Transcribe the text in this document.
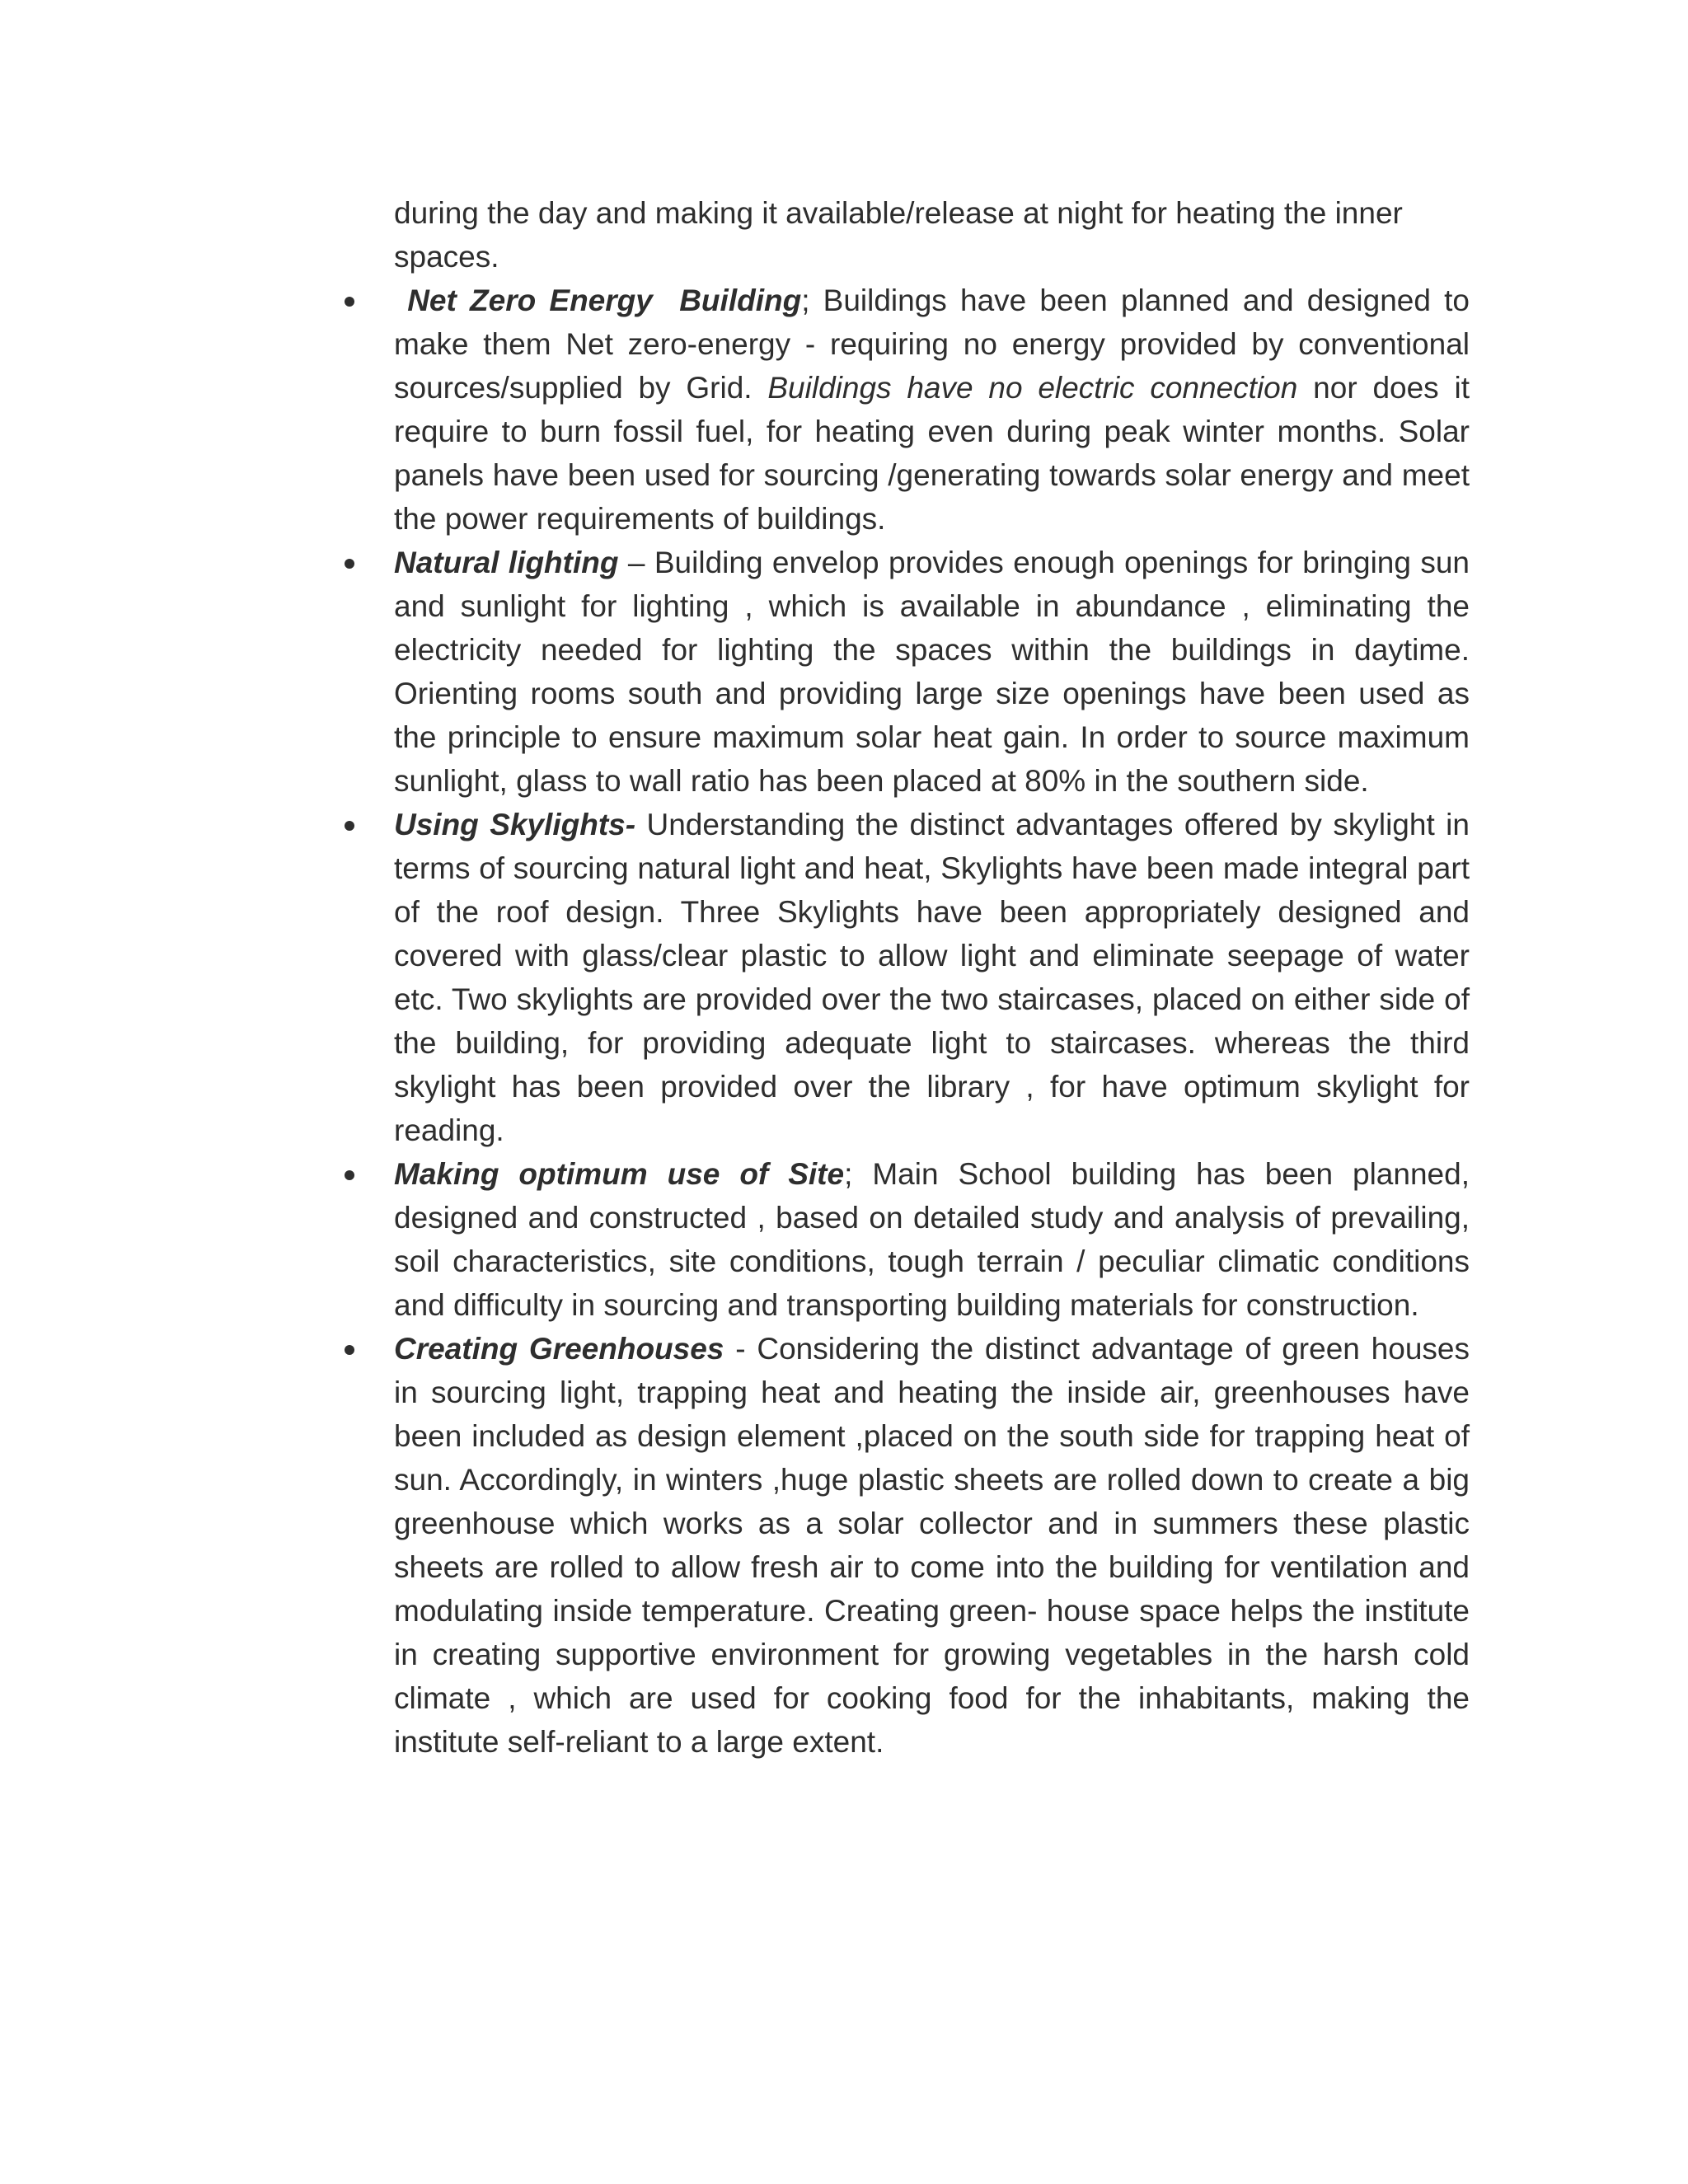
during the day and making it available/release at night for heating the inner spaces.

Net Zero Energy  Building; Buildings have been planned and designed to make them Net zero-energy - requiring no energy provided by conventional sources/supplied by Grid. Buildings have no electric connection nor does it require to burn fossil fuel, for heating even during peak winter months. Solar panels have been used for sourcing /generating towards solar energy and meet the power requirements of buildings.
Natural lighting – Building envelop provides enough openings for bringing sun and sunlight for lighting , which is available in abundance , eliminating the electricity needed for lighting the spaces within the buildings in daytime. Orienting rooms south and providing large size openings have been used as the principle to ensure maximum solar heat gain. In order to source maximum sunlight, glass to wall ratio has been placed at 80% in the southern side.
Using Skylights- Understanding the distinct advantages offered by skylight in terms of sourcing natural light and heat, Skylights have been made integral part of the roof design. Three Skylights have been appropriately designed and covered with glass/clear plastic to allow light and eliminate seepage of water etc. Two skylights are provided over the two staircases, placed on either side of the building, for providing adequate light to staircases. whereas the third skylight has been provided over the library , for have optimum skylight for reading.
Making optimum use of Site; Main School building has been planned, designed and constructed , based on detailed study and analysis of prevailing, soil characteristics, site conditions, tough terrain / peculiar climatic conditions and difficulty in sourcing and transporting building materials for construction.
Creating Greenhouses - Considering the distinct advantage of green houses in sourcing light, trapping heat and heating the inside air, greenhouses have been included as design element ,placed on the south side for trapping heat of sun. Accordingly, in winters ,huge plastic sheets are rolled down to create a big greenhouse which works as a solar collector and in summers these plastic sheets are rolled to allow fresh air to come into the building for ventilation and modulating inside temperature. Creating green- house space helps the institute in creating supportive environment for growing vegetables in the harsh cold climate , which are used for cooking food for the inhabitants, making the institute self-reliant to a large extent.
